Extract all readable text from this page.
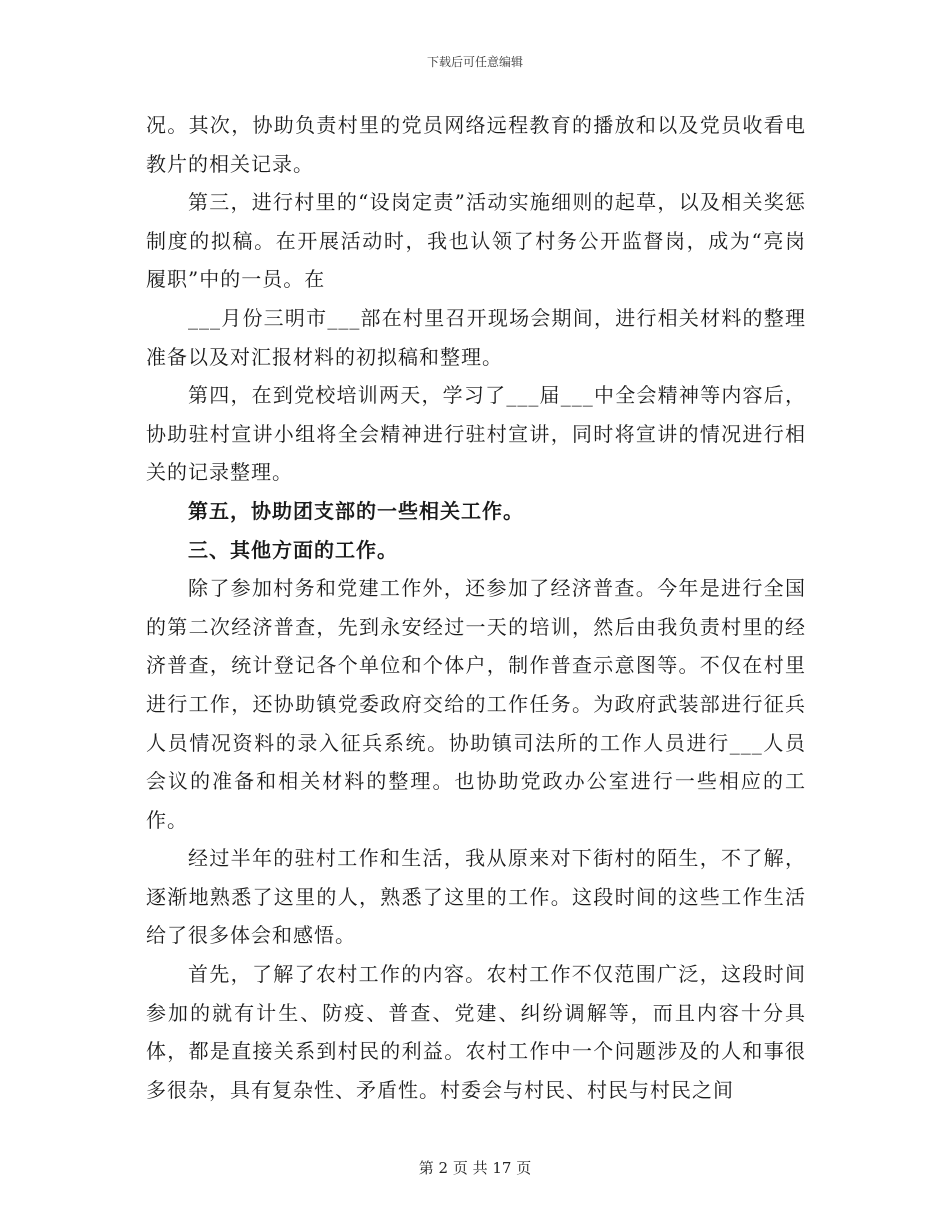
下载后可任意编辑

况。其次，协助负责村里的党员网络远程教育的播放和以及党员收看电教片的相关记录。

第三，进行村里的“设岗定责”活动实施细则的起草，以及相关奖惩制度的拟稿。在开展活动时，我也认领了村务公开监督岗，成为“亮岗履职”中的一员。在

___月份三明市___部在村里召开现场会期间，进行相关材料的整理准备以及对汇报材料的初拟稿和整理。

第四，在到党校培训两天，学习了___届___中全会精神等内容后，协助驻村宣讲小组将全会精神进行驻村宣讲，同时将宣讲的情况进行相关的记录整理。

第五，协助团支部的一些相关工作。

三、其他方面的工作。

除了参加村务和党建工作外，还参加了经济普查。今年是进行全国的第二次经济普查，先到永安经过一天的培训，然后由我负责村里的经济普查，统计登记各个单位和个体户，制作普查示意图等。不仅在村里进行工作，还协助镇党委政府交给的工作任务。为政府武装部进行征兵人员情况资料的录入征兵系统。协助镇司法所的工作人员进行___人员会议的准备和相关材料的整理。也协助党政办公室进行一些相应的工作。

经过半年的驻村工作和生活，我从原来对下街村的陌生，不了解，逐渐地熟悉了这里的人，熟悉了这里的工作。这段时间的这些工作生活给了很多体会和感悟。

首先，了解了农村工作的内容。农村工作不仅范围广泛，这段时间参加的就有计生、防疫、普查、党建、纠纷调解等，而且内容十分具体，都是直接关系到村民的利益。农村工作中一个问题涉及的人和事很多很杂，具有复杂性、矛盾性。村委会与村民、村民与村民之间

第 2 页 共 17 页
